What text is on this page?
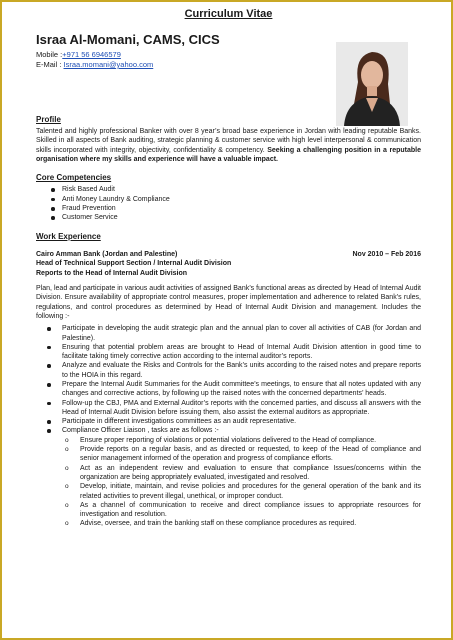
Curriculum Vitae
Israa Al-Momani, CAMS, CICS
Mobile :+971 56 6946579
E-Mail : Israa.momani@yahoo.com
Profile

Talented and highly professional Banker with over 8 year’s broad base experience in Jordan with leading reputable Banks. Skilled in all aspects of Bank auditing, strategic planning & customer service with high level interpersonal & communication skills incorporated with integrity, objectivity, confidentiality & competency. Seeking a challenging position in a reputable organisation where my skills and experience will have a valuable impact.

Core Competencies
Risk Based Audit
Anti Money Laundry & Compliance
Fraud Prevention
Customer Service
Work Experience
Cairo Amman Bank (Jordan and Palestine)	Nov 2010 – Feb 2016
Head of Technical Support Section / Internal Audit Division
Reports to the Head of Internal Audit Division

Plan, lead and participate in various audit activities of assigned Bank’s functional areas as directed by Head of Internal Audit Division. Ensure availability of appropriate control measures, proper implementation and adherence to related Bank’s rules, regulations, and control procedures as determined by Head of Internal Audit Division and management. Includes the following :-

Participate in developing the audit strategic plan and the annual plan to cover all activities of CAB (for Jordan and Palestine).
Ensuring that potential problem areas are brought to Head of Internal Audit Division attention in good time to facilitate taking timely corrective action according to the internal auditor’s reports.
Analyze and evaluate the Risks and Controls for the Bank’s units according to the raised notes and prepare reports to the HOIA in this regard.
Prepare the Internal Audit Summaries for the Audit committee’s meetings, to ensure that all notes updated with any changes and corrective actions, by following up the raised notes with the concerned departments’ heads.
Follow-up the CBJ, PMA and External Auditor’s reports with the concerned parties, and discuss all answers with the Head of Internal Audit Division before issuing them, also assist the external auditors as appropriate.
Participate in different investigations committees as an audit representative.
Compliance Officer Liaison , tasks are as follows :-
o Ensure proper reporting of violations or potential violations delivered to the Head of compliance.
o Provide reports on a regular basis, and as directed or requested, to keep of the Head of compliance and senior management informed of the operation and progress of compliance efforts.
o Act as an independent review and evaluation to ensure that compliance Issues/concerns within the organization are being appropriately evaluated, investigated and resolved.
o Develop, initiate, maintain, and revise policies and procedures for the general operation of the bank and its related activities to prevent illegal, unethical, or improper conduct.
o As a channel of communication to receive and direct compliance issues to appropriate resources for investigation and resolution.
o Advise, oversee, and train the banking staff on these compliance procedures as required.
